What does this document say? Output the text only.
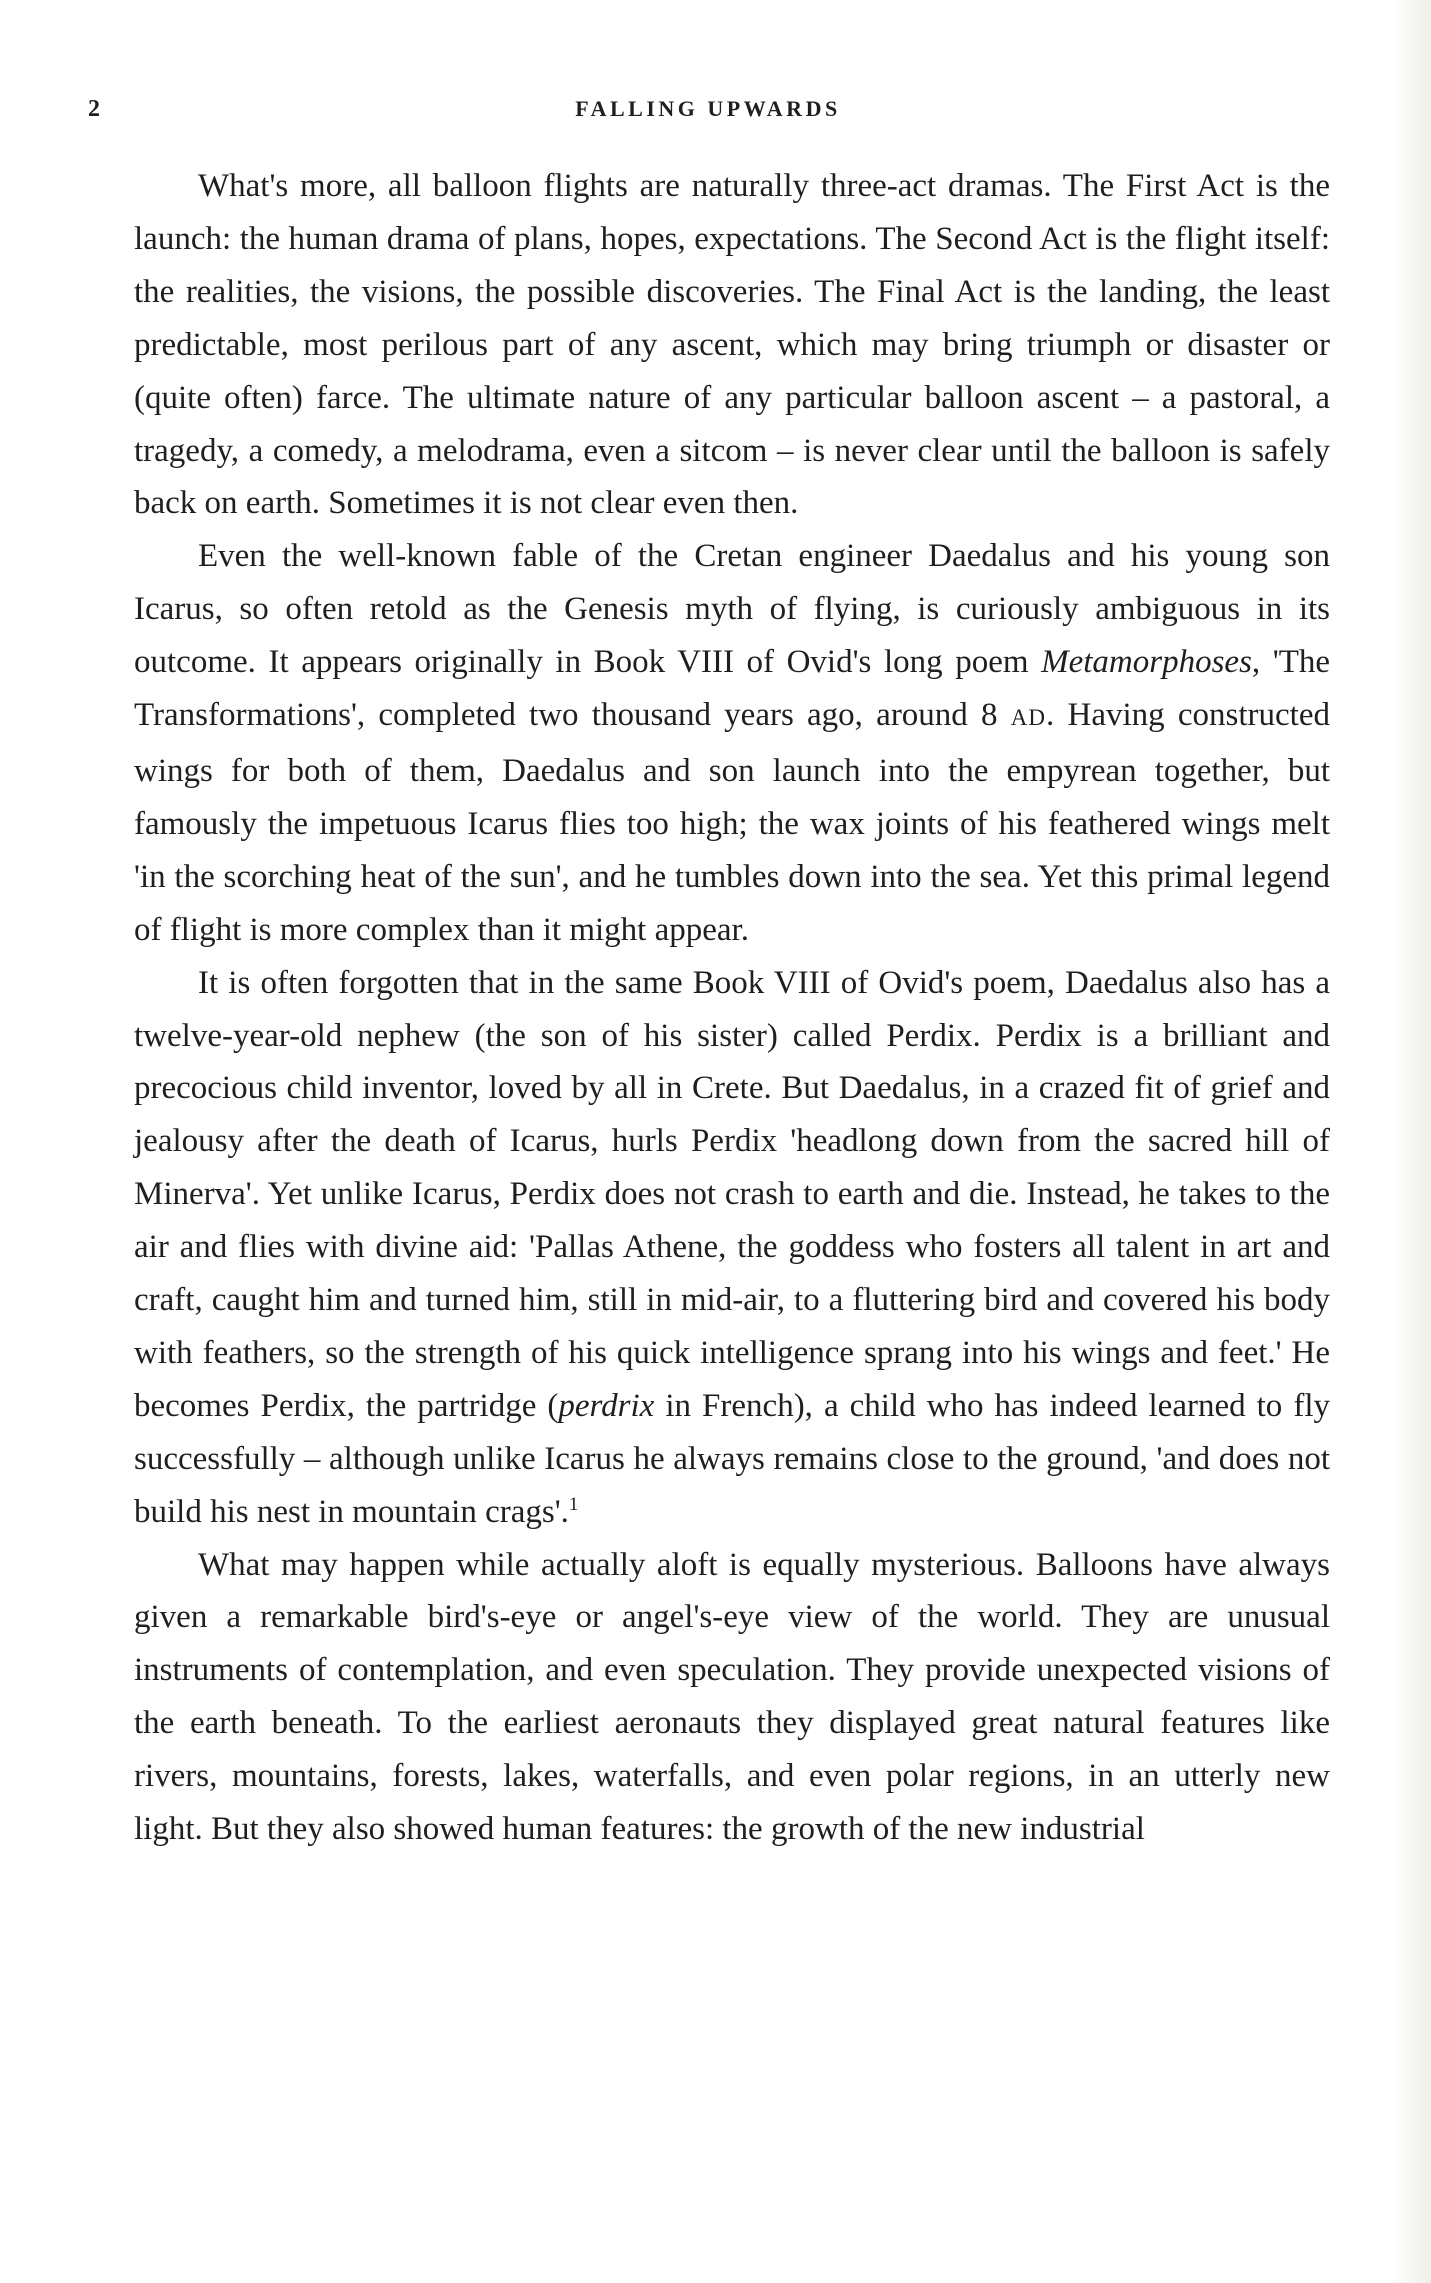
2	FALLING UPWARDS

What's more, all balloon flights are naturally three-act dramas. The First Act is the launch: the human drama of plans, hopes, expectations. The Second Act is the flight itself: the realities, the visions, the possible discoveries. The Final Act is the landing, the least predictable, most perilous part of any ascent, which may bring triumph or disaster or (quite often) farce. The ultimate nature of any particular balloon ascent – a pastoral, a tragedy, a comedy, a melodrama, even a sitcom – is never clear until the balloon is safely back on earth. Sometimes it is not clear even then.

Even the well-known fable of the Cretan engineer Daedalus and his young son Icarus, so often retold as the Genesis myth of flying, is curiously ambiguous in its outcome. It appears originally in Book VIII of Ovid's long poem Metamorphoses, 'The Transformations', completed two thousand years ago, around 8 AD. Having constructed wings for both of them, Daedalus and son launch into the empyrean together, but famously the impetuous Icarus flies too high; the wax joints of his feathered wings melt 'in the scorching heat of the sun', and he tumbles down into the sea. Yet this primal legend of flight is more complex than it might appear.

It is often forgotten that in the same Book VIII of Ovid's poem, Daedalus also has a twelve-year-old nephew (the son of his sister) called Perdix. Perdix is a brilliant and precocious child inventor, loved by all in Crete. But Daedalus, in a crazed fit of grief and jealousy after the death of Icarus, hurls Perdix 'headlong down from the sacred hill of Minerva'. Yet unlike Icarus, Perdix does not crash to earth and die. Instead, he takes to the air and flies with divine aid: 'Pallas Athene, the goddess who fosters all talent in art and craft, caught him and turned him, still in mid-air, to a fluttering bird and covered his body with feathers, so the strength of his quick intelligence sprang into his wings and feet.' He becomes Perdix, the partridge (perdrix in French), a child who has indeed learned to fly successfully – although unlike Icarus he always remains close to the ground, 'and does not build his nest in mountain crags'.$^1$

What may happen while actually aloft is equally mysterious. Balloons have always given a remarkable bird's-eye or angel's-eye view of the world. They are unusual instruments of contemplation, and even speculation. They provide unexpected visions of the earth beneath. To the earliest aeronauts they displayed great natural features like rivers, mountains, forests, lakes, waterfalls, and even polar regions, in an utterly new light. But they also showed human features: the growth of the new industrial
